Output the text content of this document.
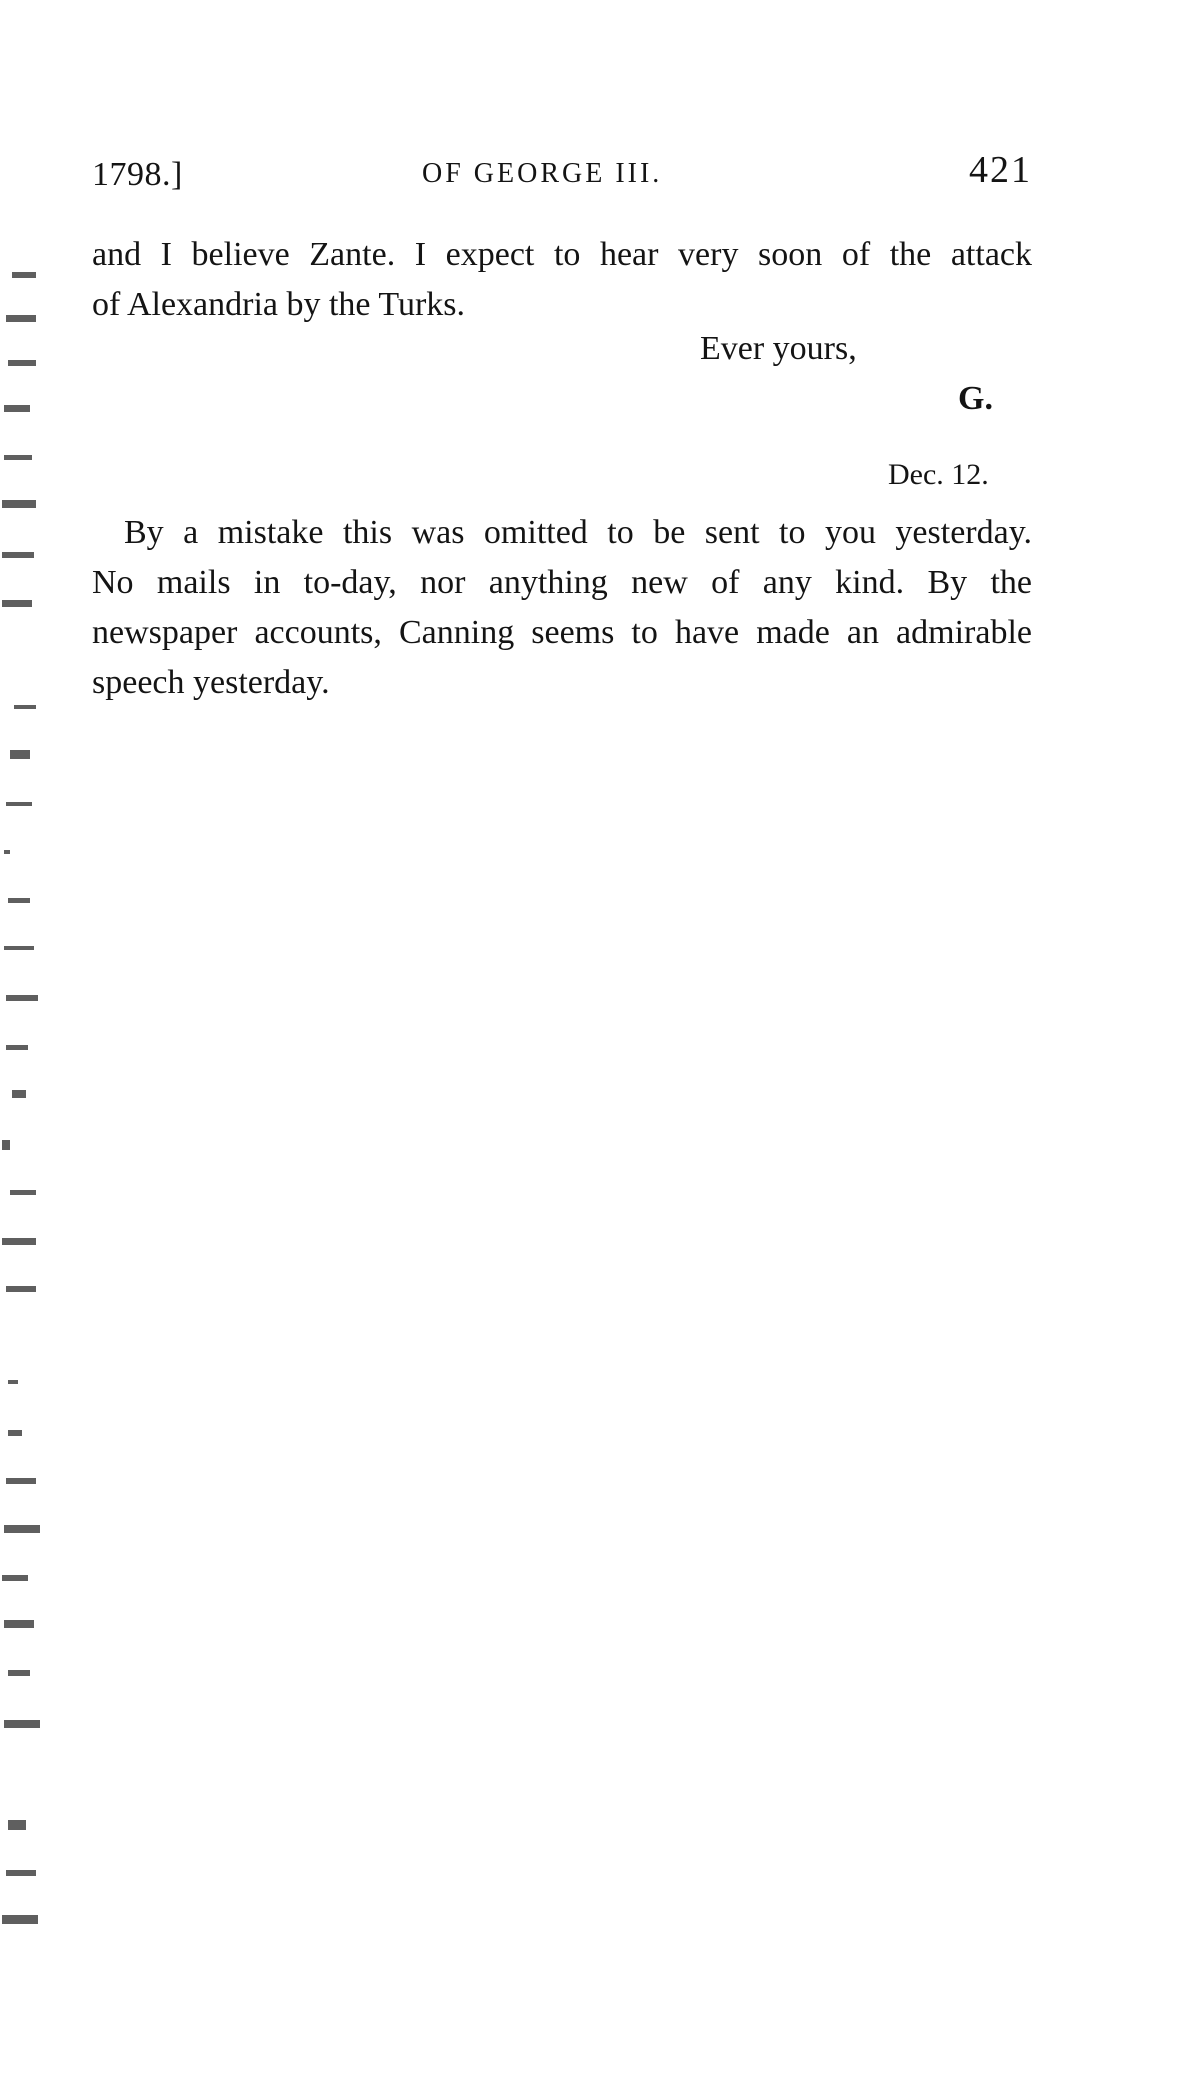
1798.]	OF GEORGE III.	421
and I believe Zante. I expect to hear very soon of the attack
of Alexandria by the Turks.
Ever yours,
G.
Dec. 12.
By a mistake this was omitted to be sent to you yesterday.
No mails in to-day, nor anything new of any kind. By the
newspaper accounts, Canning seems to have made an admirable
speech yesterday.
